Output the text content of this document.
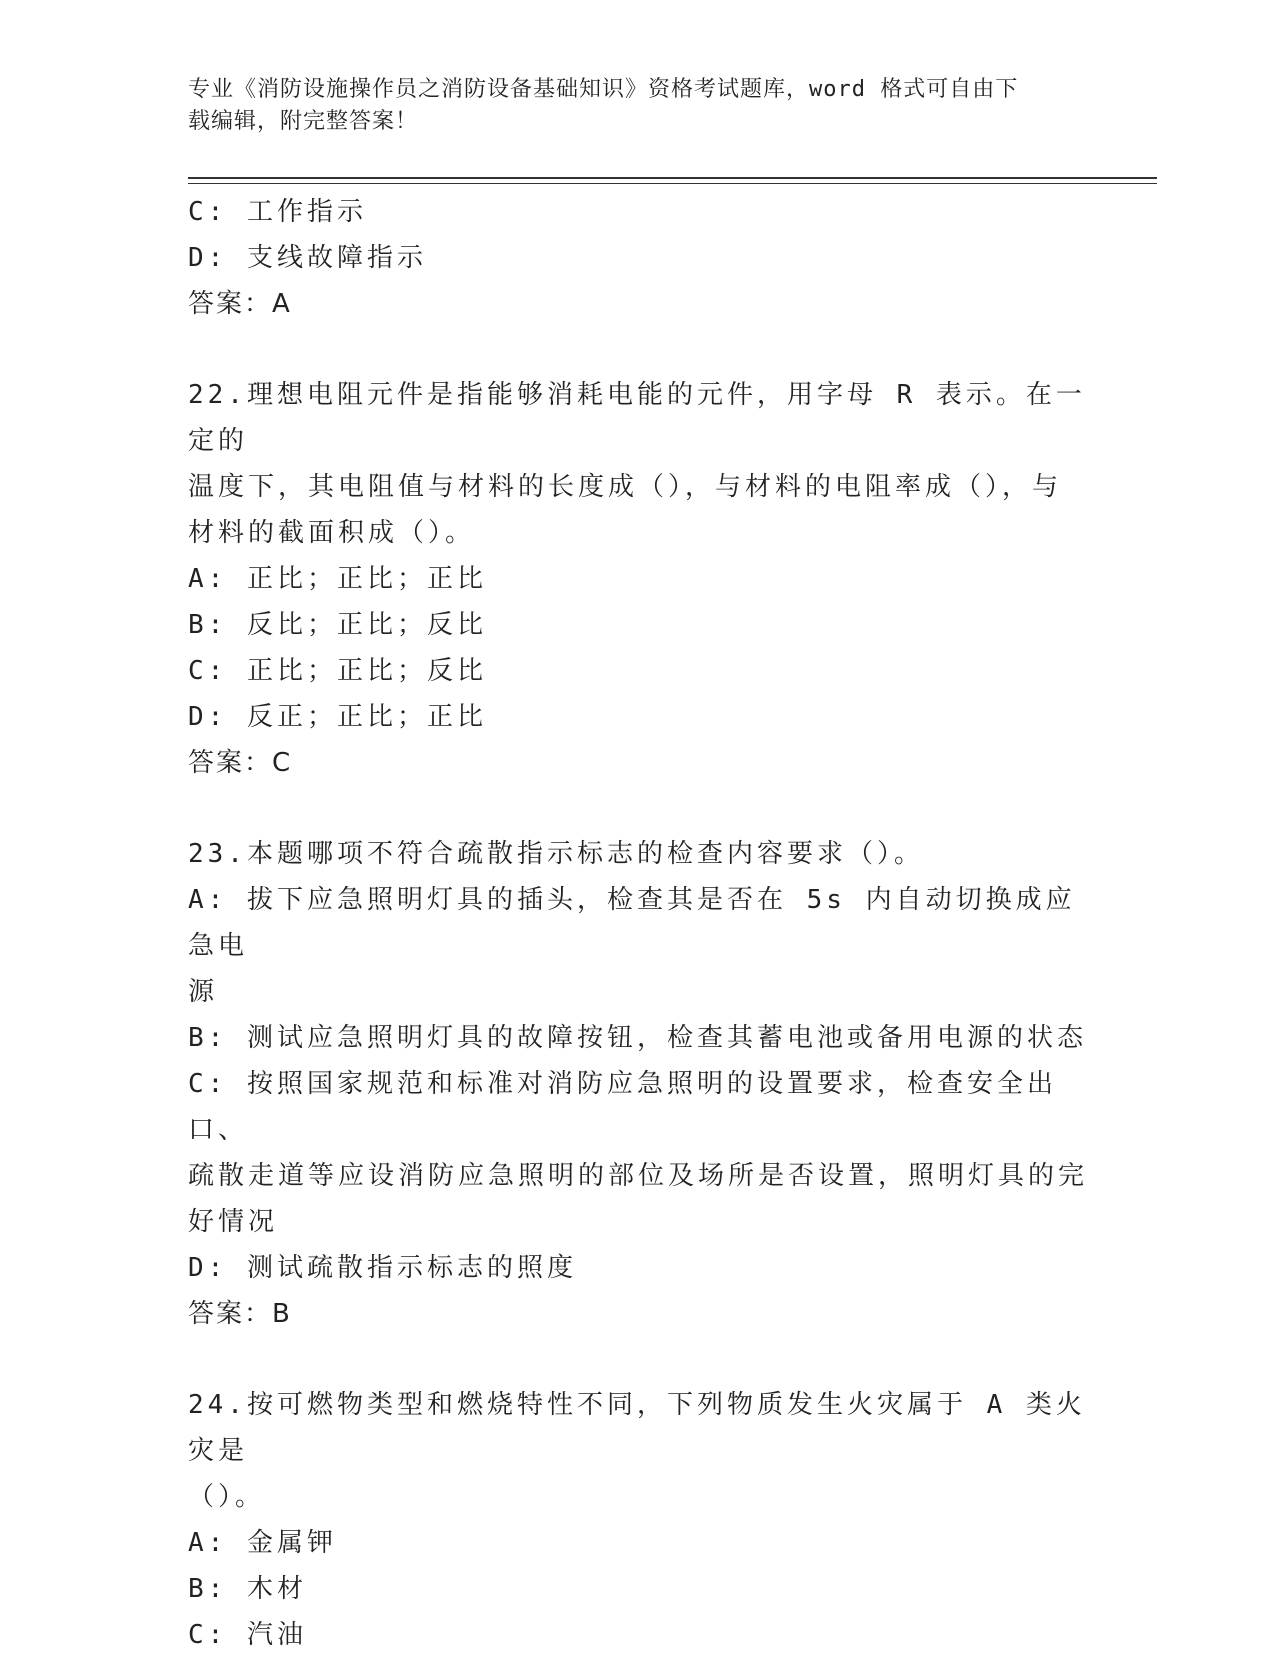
专业《消防设施操作员之消防设备基础知识》资格考试题库，word 格式可自由下
载编辑，附完整答案！

C: 工作指示

D: 支线故障指示

答案：A

22.理想电阻元件是指能够消耗电能的元件，用字母 R 表示。在一定的

温度下，其电阻值与材料的长度成（），与材料的电阻率成（），与

材料的截面积成（）。

A: 正比；正比；正比

B: 反比；正比；反比

C: 正比；正比；反比

D: 反正；正比；正比

答案：C

23.本题哪项不符合疏散指示标志的检查内容要求（）。

A: 拔下应急照明灯具的插头，检查其是否在 5s 内自动切换成应急电

源

B: 测试应急照明灯具的故障按钮，检查其蓄电池或备用电源的状态

C: 按照国家规范和标准对消防应急照明的设置要求，检查安全出口、

疏散走道等应设消防应急照明的部位及场所是否设置，照明灯具的完

好情况

D: 测试疏散指示标志的照度

答案：B

24.按可燃物类型和燃烧特性不同，下列物质发生火灾属于 A 类火灾是

（）。

A: 金属钾

B: 木材

C: 汽油
